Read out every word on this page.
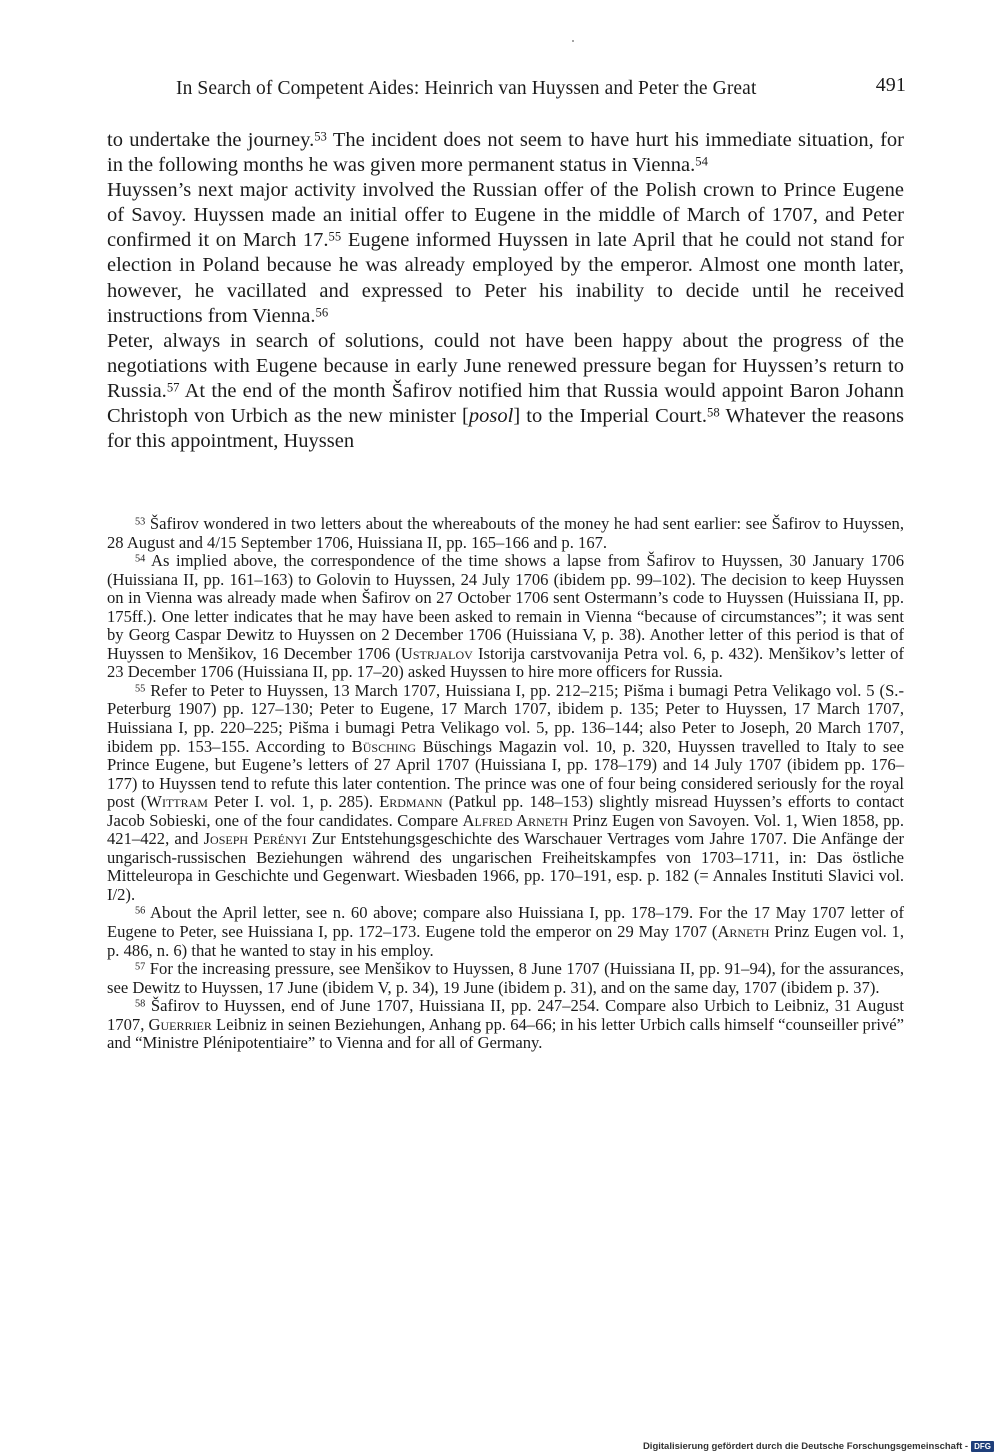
In Search of Competent Aides: Heinrich van Huyssen and Peter the Great	491

to undertake the journey.$^{53}$ The incident does not seem to have hurt his immediate situation, for in the following months he was given more permanent status in Vienna.$^{54}$

Huyssen’s next major activity involved the Russian offer of the Polish crown to Prince Eugene of Savoy. Huyssen made an initial offer to Eugene in the middle of March of 1707, and Peter confirmed it on March 17.55 Eugene informed Huyssen in late April that he could not stand for election in Poland because he was already employed by the emperor. Almost one month later, however, he vacillated and expressed to Peter his inability to decide until he received instructions from Vienna.$^{56}$

Peter, always in search of solutions, could not have been happy about the progress of the negotiations with Eugene because in early June renewed pressure began for Huyssen’s return to Russia.$^{57}$ At the end of the month Šafirov notified him that Russia would appoint Baron Johann Christoph von Urbich as the new minister [posol] to the Imperial Court.$^{58}$ Whatever the reasons for this appointment, Huyssen

$^{53}$ Šafirov wondered in two letters about the whereabouts of the money he had sent earlier: see Šafirov to Huyssen, 28 August and 4/15 September 1706, Huissiana II, pp. 165–166 and p. 167.

$^{54}$ As implied above, the correspondence of the time shows a lapse from Šafirov to Huyssen, 30 January 1706 (Huissiana II, pp. 161–163) to Golovin to Huyssen, 24 July 1706 (ibidem pp. 99–102). The decision to keep Huyssen on in Vienna was already made when Šafirov on 27 October 1706 sent Ostermann’s code to Huyssen (Huissiana II, pp. 175ff.). One letter indicates that he may have been asked to remain in Vienna “because of circumstances”; it was sent by Georg Caspar Dewitz to Huyssen on 2 December 1706 (Huissiana V, p. 38). Another letter of this period is that of Huyssen to Menšikov, 16 December 1706 (Ustrjalov Istorija carstvovanija Petra vol. 6, p. 432). Menšikov’s letter of 23 December 1706 (Huissiana II, pp. 17–20) asked Huyssen to hire more officers for Russia.

$^{55}$ Refer to Peter to Huyssen, 13 March 1707, Huissiana I, pp. 212–215; Pis̆ma i bumagi Petra Velikago vol. 5 (S.-Peterburg 1907) pp. 127–130; Peter to Eugene, 17 March 1707, ibidem p. 135; Peter to Huyssen, 17 March 1707, Huissiana I, pp. 220–225; Pis̆ma i bumagi Petra Velikago vol. 5, pp. 136–144; also Peter to Joseph, 20 March 1707, ibidem pp. 153–155. According to Büsching Büschings Magazin vol. 10, p. 320, Huyssen travelled to Italy to see Prince Eugene, but Eugene’s letters of 27 April 1707 (Huissiana I, pp. 178–179) and 14 July 1707 (ibidem pp. 176–177) to Huyssen tend to refute this later contention. The prince was one of four being considered seriously for the royal post (Wittram Peter I. vol. 1, p. 285). Erdmann (Patkul pp. 148–153) slightly misread Huyssen’s efforts to contact Jacob Sobieski, one of the four candidates. Compare Alfred Arneth Prinz Eugen von Savoyen. Vol. 1, Wien 1858, pp. 421–422, and Joseph Perényi Zur Entstehungsgeschichte des Warschauer Vertrages vom Jahre 1707. Die Anfänge der ungarisch-russischen Beziehungen während des ungarischen Freiheitskampfes von 1703–1711, in: Das östliche Mitteleuropa in Geschichte und Gegenwart. Wiesbaden 1966, pp. 170–191, esp. p. 182 (= Annales Instituti Slavici vol. I/2).

$^{56}$ About the April letter, see n. 60 above; compare also Huissiana I, pp. 178–179. For the 17 May 1707 letter of Eugene to Peter, see Huissiana I, pp. 172–173. Eugene told the emperor on 29 May 1707 (Arneth Prinz Eugen vol. 1, p. 486, n. 6) that he wanted to stay in his employ.

$^{57}$ For the increasing pressure, see Menšikov to Huyssen, 8 June 1707 (Huissiana II, pp. 91–94), for the assurances, see Dewitz to Huyssen, 17 June (ibidem V, p. 34), 19 June (ibidem p. 31), and on the same day, 1707 (ibidem p. 37).

$^{58}$ Šafirov to Huyssen, end of June 1707, Huissiana II, pp. 247–254. Compare also Urbich to Leibniz, 31 August 1707, Guerrier Leibniz in seinen Beziehungen, Anhang pp. 64–66; in his letter Urbich calls himself “counseiller privé” and “Ministre Plénipotentiaire” to Vienna and for all of Germany.

Digitalisierung gefördert durch die Deutsche Forschungsgemeinschaft - DFG
